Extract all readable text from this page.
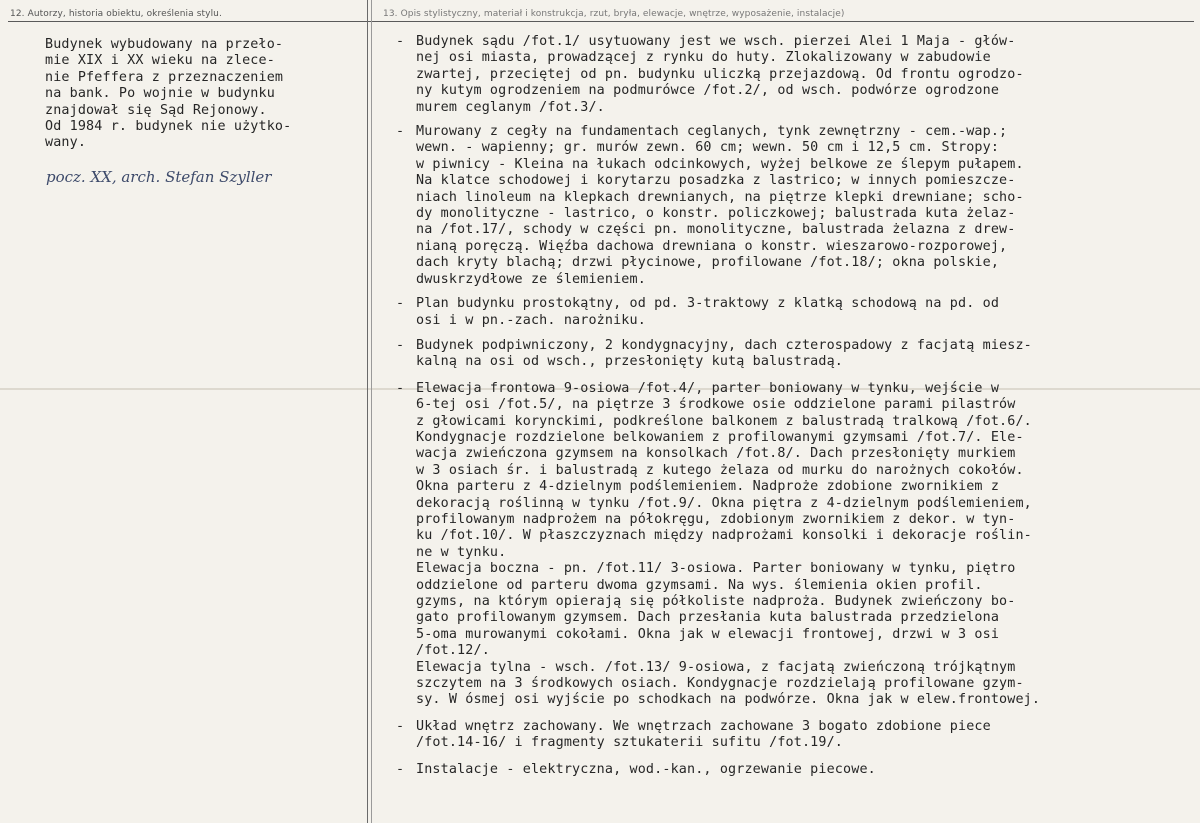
12. Autorzy, historia obiektu, określenia stylu.	13. Opis stylistyczny, materiał i konstrukcja, rzut, bryła, elewacje, wnętrze, wyposażenie, instalacje)

Budynek wybudowany na przeło-
mie XIX i XX wieku na zlece-
nie Pfeffera z przeznaczeniem
na bank. Po wojnie w budynku
znajdował się Sąd Rejonowy.
Od 1984 r. budynek nie użytko-
wany.

pocz. XX, arch. Stefan Szyller
- Budynek sądu /fot.1/ usytuowany jest we wsch. pierzei Alei 1 Maja - głów-
nej osi miasta, prowadzącej z rynku do huty. Zlokalizowany w zabudowie
zwartej, przeciętej od pn. budynku uliczką przejazdową. Od frontu ogrodzo-
ny kutym ogrodzeniem na podmurówce /fot.2/, od wsch. podwórze ogrodzone
murem ceglanym /fot.3/.

- Murowany z cegły na fundamentach ceglanych, tynk zewnętrzny - cem.-wap.;
wewn. - wapienny; gr. murów zewn. 60 cm; wewn. 50 cm i 12,5 cm. Stropy:
w piwnicy - Kleina na łukach odcinkowych, wyżej belkowe ze ślepym pułapem.
Na klatce schodowej i korytarzu posadzka z lastrico; w innych pomieszcze-
niach linoleum na klepkach drewnianych, na piętrze klepki drewniane; scho-
dy monolityczne - lastrico, o konstr. policzkowej; balustrada kuta żelaz-
na /fot.17/, schody w części pn. monolityczne, balustrada żelazna z drew-
nianą poręczą. Więźba dachowa drewniana o konstr. wieszarowo-rozporowej,
dach kryty blachą; drzwi płycinowe, profilowane /fot.18/; okna polskie,
dwuskrzydłowe ze ślemieniem.

- Plan budynku prostokątny, od pd. 3-traktowy z klatką schodową na pd. od
osi i w pn.-zach. narożniku.

- Budynek podpiwniczony, 2 kondygnacyjny, dach czterospadowy z facjatą miesz-
kalną na osi od wsch., przesłonięty kutą balustradą.

- Elewacja frontowa 9-osiowa /fot.4/, parter boniowany w tynku, wejście w
6-tej osi /fot.5/, na piętrze 3 środkowe osie oddzielone parami pilastrów
z głowicami korynckimi, podkreślone balkonem z balustradą tralkową /fot.6/.
Kondygnacje rozdzielone belkowaniem z profilowanymi gzymsami /fot.7/. Ele-
wacja zwieńczona gzymsem na konsolkach /fot.8/. Dach przesłonięty murkiem
w 3 osiach śr. i balustradą z kutego żelaza od murku do narożnych cokołów.
Okna parteru z 4-dzielnym podślemieniem. Nadproże zdobione zwornikiem z
dekoracją roślinną w tynku /fot.9/. Okna piętra z 4-dzielnym podślemieniem,
profilowanym nadprożem na półokręgu, zdobionym zwornikiem z dekor. w tyn-
ku /fot.10/. W płaszczyznach między nadprożami konsolki i dekoracje roślin-
ne w tynku.
Elewacja boczna - pn. /fot.11/ 3-osiowa. Parter boniowany w tynku, piętro
oddzielone od parteru dwoma gzymsami. Na wys. ślemienia okien profil.
gzyms, na którym opierają się półkoliste nadproża. Budynek zwieńczony bo-
gato profilowanym gzymsem. Dach przesłania kuta balustrada przedzielona
5-oma murowanymi cokołami. Okna jak w elewacji frontowej, drzwi w 3 osi
/fot.12/.
Elewacja tylna - wsch. /fot.13/ 9-osiowa, z facjatą zwieńczoną trójkątnym
szczytem na 3 środkowych osiach. Kondygnacje rozdzielają profilowane gzym-
sy. W ósmej osi wyjście po schodkach na podwórze. Okna jak w elew.frontowej.

- Układ wnętrz zachowany. We wnętrzach zachowane 3 bogato zdobione piece
/fot.14-16/ i fragmenty sztukaterii sufitu /fot.19/.

- Instalacje - elektryczna, wod.-kan., ogrzewanie piecowe.
